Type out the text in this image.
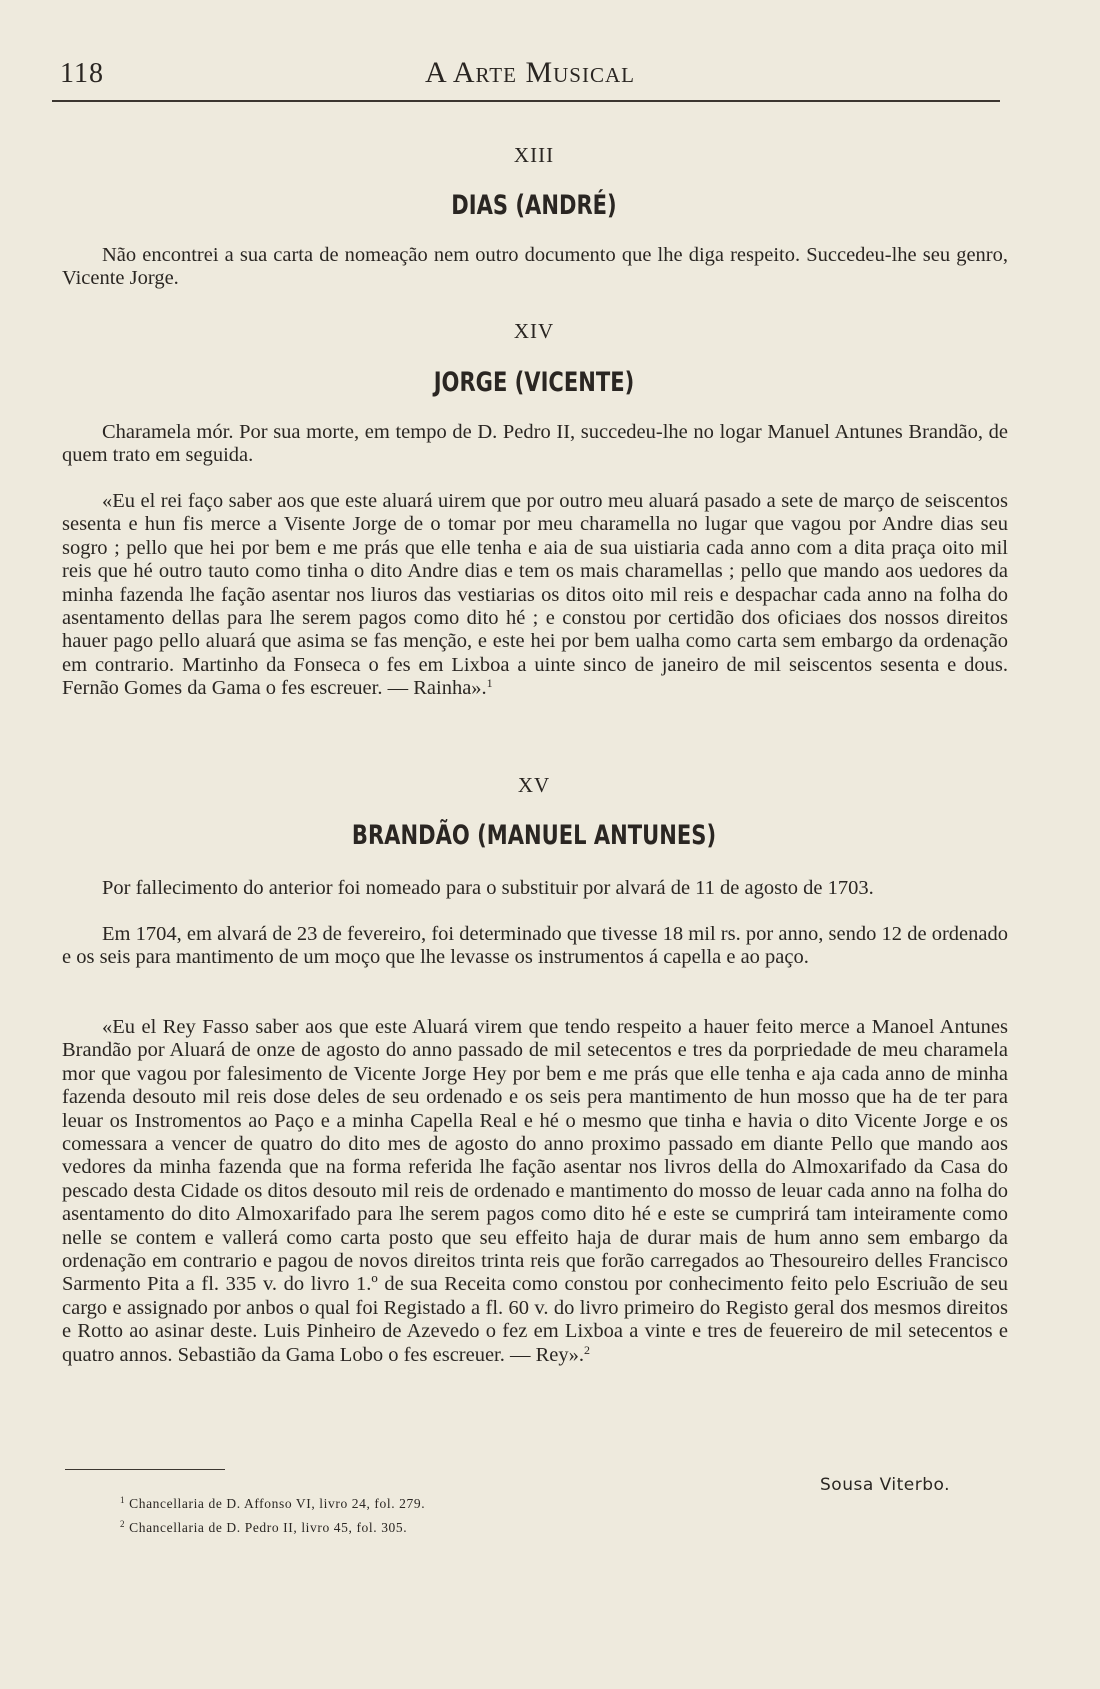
118	A Arte Musical
XIII
DIAS (ANDRÉ)

Não encontrei a sua carta de nomeação nem outro documento que lhe diga respeito. Succedeu-lhe seu genro, Vicente Jorge.

XIV
JORGE (VICENTE)

Charamela mór. Por sua morte, em tempo de D. Pedro II, succedeu-lhe no logar Manuel Antunes Brandão, de quem trato em seguida.

«Eu el rei faço saber aos que este aluará uirem que por outro meu aluará pasado a sete de março de seiscentos sesenta e hun fis merce a Visente Jorge de o tomar por meu charamella no lugar que vagou por Andre dias seu sogro ; pello que hei por bem e me prás que elle tenha e aia de sua uistiaria cada anno com a dita praça oito mil reis que hé outro tauto como tinha o dito Andre dias e tem os mais charamellas ; pello que mando aos uedores da minha fazenda lhe fação asentar nos liuros das vestiarias os ditos oito mil reis e despachar cada anno na folha do asentamento dellas para lhe serem pagos como dito hé ; e constou por certidão dos oficiaes dos nossos direitos hauer pago pello aluará que asima se fas menção, e este hei por bem ualha como carta sem embargo da ordenação em contrario. Martinho da Fonseca o fes em Lixboa a uinte sinco de janeiro de mil seiscentos sesenta e dous. Fernão Gomes da Gama o fes escreuer. — Rainha».$^1$

XV
BRANDÃO (MANUEL ANTUNES)

Por fallecimento do anterior foi nomeado para o substituir por alvará de 11 de agosto de 1703.

Em 1704, em alvará de 23 de fevereiro, foi determinado que tivesse 18 mil rs. por anno, sendo 12 de ordenado e os seis para mantimento de um moço que lhe levasse os instrumentos á capella e ao paço.

«Eu el Rey Fasso saber aos que este Aluará virem que tendo respeito a hauer feito merce a Manoel Antunes Brandão por Aluará de onze de agosto do anno passado de mil setecentos e tres da porpriedade de meu charamela mor que vagou por falesimento de Vicente Jorge Hey por bem e me prás que elle tenha e aja cada anno de minha fazenda desouto mil reis dose deles de seu ordenado e os seis pera mantimento de hun mosso que ha de ter para leuar os Instromentos ao Paço e a minha Capella Real e hé o mesmo que tinha e havia o dito Vicente Jorge e os comessara a vencer de quatro do dito mes de agosto do anno proximo passado em diante Pello que mando aos vedores da minha fazenda que na forma referida lhe fação asentar nos livros della do Almoxarifado da Casa do pescado desta Cidade os ditos desouto mil reis de ordenado e mantimento do mosso de leuar cada anno na folha do asentamento do dito Almoxarifado para lhe serem pagos como dito hé e este se cumprirá tam inteiramente como nelle se contem e vallerá como carta posto que seu effeito haja de durar mais de hum anno sem embargo da ordenação em contrario e pagou de novos direitos trinta reis que forão carregados ao Thesoureiro delles Francisco Sarmento Pita a fl. 335 v. do livro 1.º de sua Receita como constou por conhecimento feito pelo Escriuão de seu cargo e assignado por anbos o qual foi Registado a fl. 60 v. do livro primeiro do Registo geral dos mesmos direitos e Rotto ao asinar deste. Luis Pinheiro de Azevedo o fez em Lixboa a vinte e tres de feuereiro de mil setecentos e quatro annos. Sebastião da Gama Lobo o fes escreuer. — Rey».$^2$

Sousa Viterbo.
$^1$ Chancellaria de D. Affonso VI, livro 24, fol. 279.
$^2$ Chancellaria de D. Pedro II, livro 45, fol. 305.
